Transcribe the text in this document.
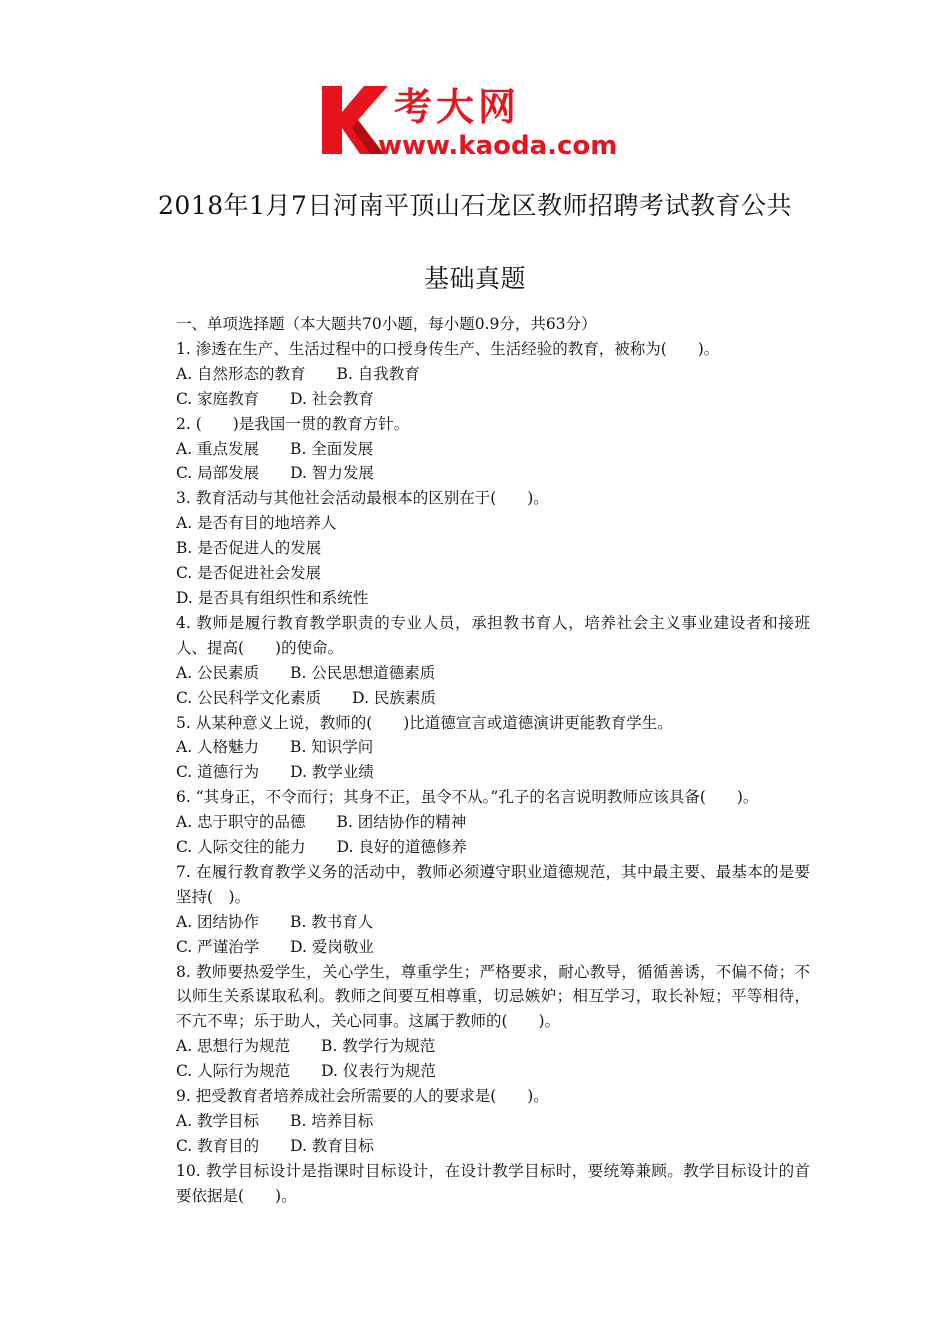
考大网
www.kaoda.com
2018年1月7日河南平顶山石龙区教师招聘考试教育公共
基础真题

一、单项选择题（本大题共70小题，每小题0.9分，共63分）

1. 渗透在生产、生活过程中的口授身传生产、生活经验的教育，被称为(　　)。

A. 自然形态的教育　　B. 自我教育

C. 家庭教育　　D. 社会教育

2. (　　)是我国一贯的教育方针。

A. 重点发展　　B. 全面发展

C. 局部发展　　D. 智力发展

3. 教育活动与其他社会活动最根本的区别在于(　　)。

A. 是否有目的地培养人

B. 是否促进人的发展

C. 是否促进社会发展

D. 是否具有组织性和系统性

4. 教师是履行教育教学职责的专业人员，承担教书育人，培养社会主义事业建设者和接班人、提高(　　)的使命。

A. 公民素质　　B. 公民思想道德素质

C. 公民科学文化素质　　D. 民族素质

5. 从某种意义上说，教师的(　　)比道德宣言或道德演讲更能教育学生。

A. 人格魅力　　B. 知识学问

C. 道德行为　　D. 教学业绩

6. “其身正，不令而行；其身不正，虽令不从。”孔子的名言说明教师应该具备(　　)。

A. 忠于职守的品德　　B. 团结协作的精神

C. 人际交往的能力　　D. 良好的道德修养

7. 在履行教育教学义务的活动中，教师必须遵守职业道德规范，其中最主要、最基本的是要坚持(　)。

A. 团结协作　　B. 教书育人

C. 严谨治学　　D. 爱岗敬业

8. 教师要热爱学生，关心学生，尊重学生；严格要求，耐心教导，循循善诱，不偏不倚；不以师生关系谋取私利。教师之间要互相尊重，切忌嫉妒；相互学习，取长补短；平等相待，不亢不卑；乐于助人，关心同事。这属于教师的(　　)。

A. 思想行为规范　　B. 教学行为规范

C. 人际行为规范　　D. 仪表行为规范

9. 把受教育者培养成社会所需要的人的要求是(　　)。

A. 教学目标　　B. 培养目标

C. 教育目的　　D. 教育目标

10. 教学目标设计是指课时目标设计，在设计教学目标时，要统筹兼顾。教学目标设计的首要依据是(　　)。
